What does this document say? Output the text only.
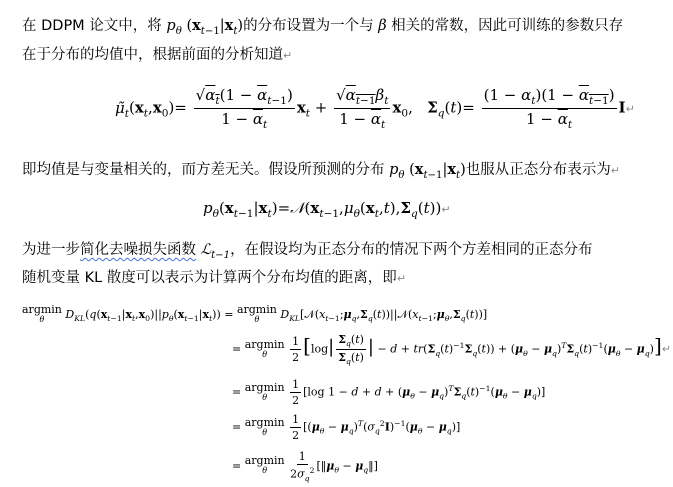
在 DDPM 论文中，将 $p_\theta$ $(x_{t-1}|x_t)$的分布设置为一个与 β 相关的常数，因此可训练的参数只存
在于分布的均值中，根据前面的分析知道↵
$\mũ_t(x_t,x_0)= \frac{√\alpha_t(1 - \overline{\alpha}_{t-1})}{1 - \overline{\alpha}_t} x_t + \frac{√\alpha_{t-1}\beta_t}{1 - \overline{\alpha}_t} x_0$,   $\Sigma_q(t)= \frac{(1 - \alpha_t)(1 - \alpha_{t-1})}{1 - \overline{\alpha}_t}$ I↵
即均值是与变量相关的，而方差无关。假设所预测的分布 $p_\theta$ $(x_{t-1}|x_t)$也服从正态分布表示为↵
$p_\theta(x_{t-1}|x_t)=𝒩(x_{t-1},\mu_\theta(x_t,t),\Sigma_q(t))↵$
为进一步简化去噪损失函数 ℒ$_{t-1}$，在假设均为正态分布的情况下两个方差相同的正态分布
随机变量 KL 散度可以表示为计算两个分布均值的距离，即↵
argmin
θ $D_{KL}(q(x_{t-1}|x_t,x_0)||p_\theta(x_{t-1}|x_t)) = argmin$
θ $D_{KL}[𝒩(x_{t-1};\mu_q,\Sigma_q(t))||𝒩(x_{t-1};\mu_\theta,\Sigma_q(t))]$
= argmin
θ
$\frac{1}{2} [\log| \frac{\Sigma_q(t)}{\Sigma_q(t)}$ | − $d + tr(\Sigma_q(t)^{-1}\Sigma_q(t)) + (\mu_\theta - \mu_q)^T\Sigma_q(t)^{-1}(\mu_\theta$ − $\mu_q)]↵$
= argmin
θ
$\frac{1}{2} [\log$ $1 - d + d + (\mu_\theta - \mu_q)^T\Sigma_q(t)^{-1}(\mu_\theta - \mu_q)$]
= argmin
θ
$\frac{1}{2} [(\mu_\theta - \mu_q)^T(\sigma_q^2I)^{-1}(\mu_\theta - \mu_q)]$
= argmin
θ
$\frac{1}{2\sigma_q^2}$ [$‖\mu_\theta$ − $\mu_q‖$]
